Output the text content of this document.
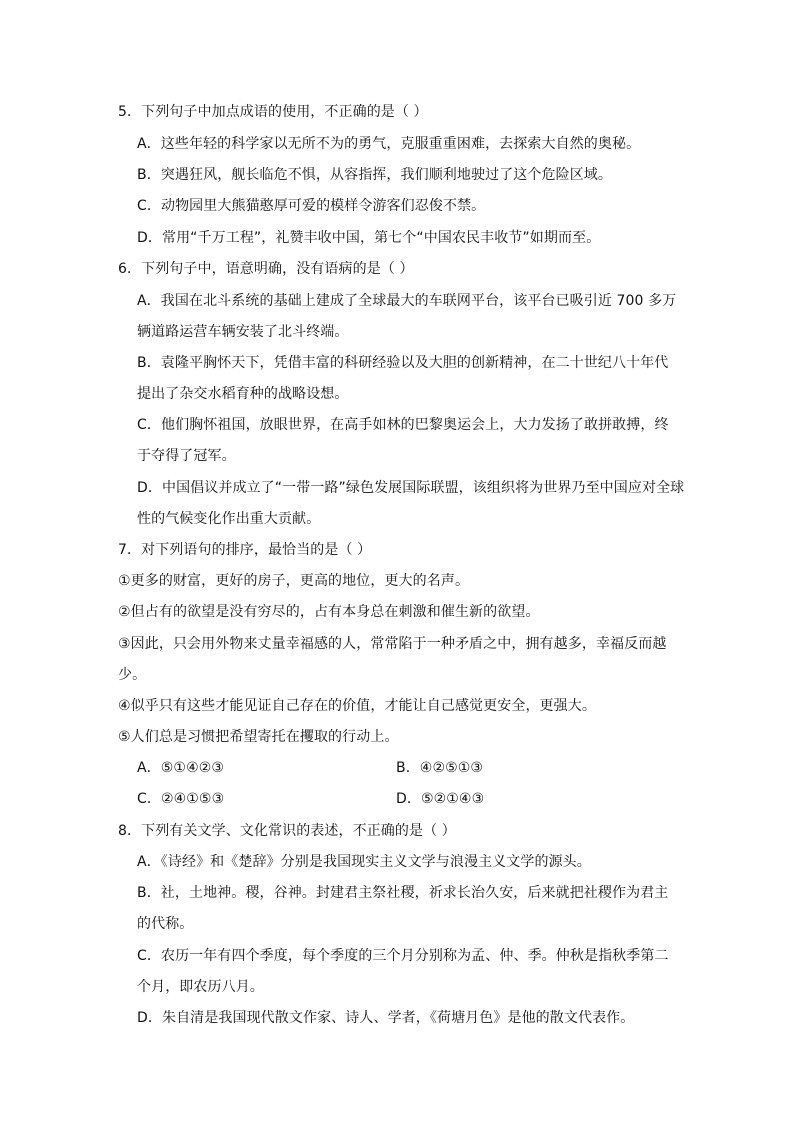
5．下列句子中加点成语的使用，不正确的是（ ）
A．这些年轻的科学家以无所不为的勇气，克服重重困难，去探索大自然的奥秘。
B．突遇狂风，舰长临危不惧，从容指挥，我们顺利地驶过了这个危险区域。
C．动物园里大熊猫憨厚可爱的模样令游客们忍俊不禁。
D．常用“千万工程”，礼赞丰收中国，第七个“中国农民丰收节”如期而至。
6．下列句子中，语意明确，没有语病的是（ ）
A．我国在北斗系统的基础上建成了全球最大的车联网平台，该平台已吸引近 700 多万
辆道路运营车辆安装了北斗终端。
B．袁隆平胸怀天下，凭借丰富的科研经验以及大胆的创新精神，在二十世纪八十年代
提出了杂交水稻育种的战略设想。
C．他们胸怀祖国，放眼世界，在高手如林的巴黎奥运会上，大力发扬了敢拼敢搏，终
于夺得了冠军。
D．中国倡议并成立了“一带一路”绿色发展国际联盟，该组织将为世界乃至中国应对全球
性的气候变化作出重大贡献。
7．对下列语句的排序，最恰当的是（ ）
①更多的财富，更好的房子，更高的地位，更大的名声。
②但占有的欲望是没有穷尽的，占有本身总在刺激和催生新的欲望。
③因此，只会用外物来丈量幸福感的人，常常陷于一种矛盾之中，拥有越多，幸福反而越
少。
④似乎只有这些才能见证自己存在的价值，才能让自己感觉更安全，更强大。
⑤人们总是习惯把希望寄托在攫取的行动上。
A．⑤①④②③	B．④②⑤①③
C．②④①⑤③	D．⑤②①④③
8．下列有关文学、文化常识的表述，不正确的是（ ）
A．《诗经》和《楚辞》分别是我国现实主义文学与浪漫主义文学的源头。
B．社，土地神。稷，谷神。封建君主祭社稷，祈求长治久安，后来就把社稷作为君主
的代称。
C．农历一年有四个季度，每个季度的三个月分别称为孟、仲、季。仲秋是指秋季第二
个月，即农历八月。
D．朱自清是我国现代散文作家、诗人、学者，《荷塘月色》是他的散文代表作。
